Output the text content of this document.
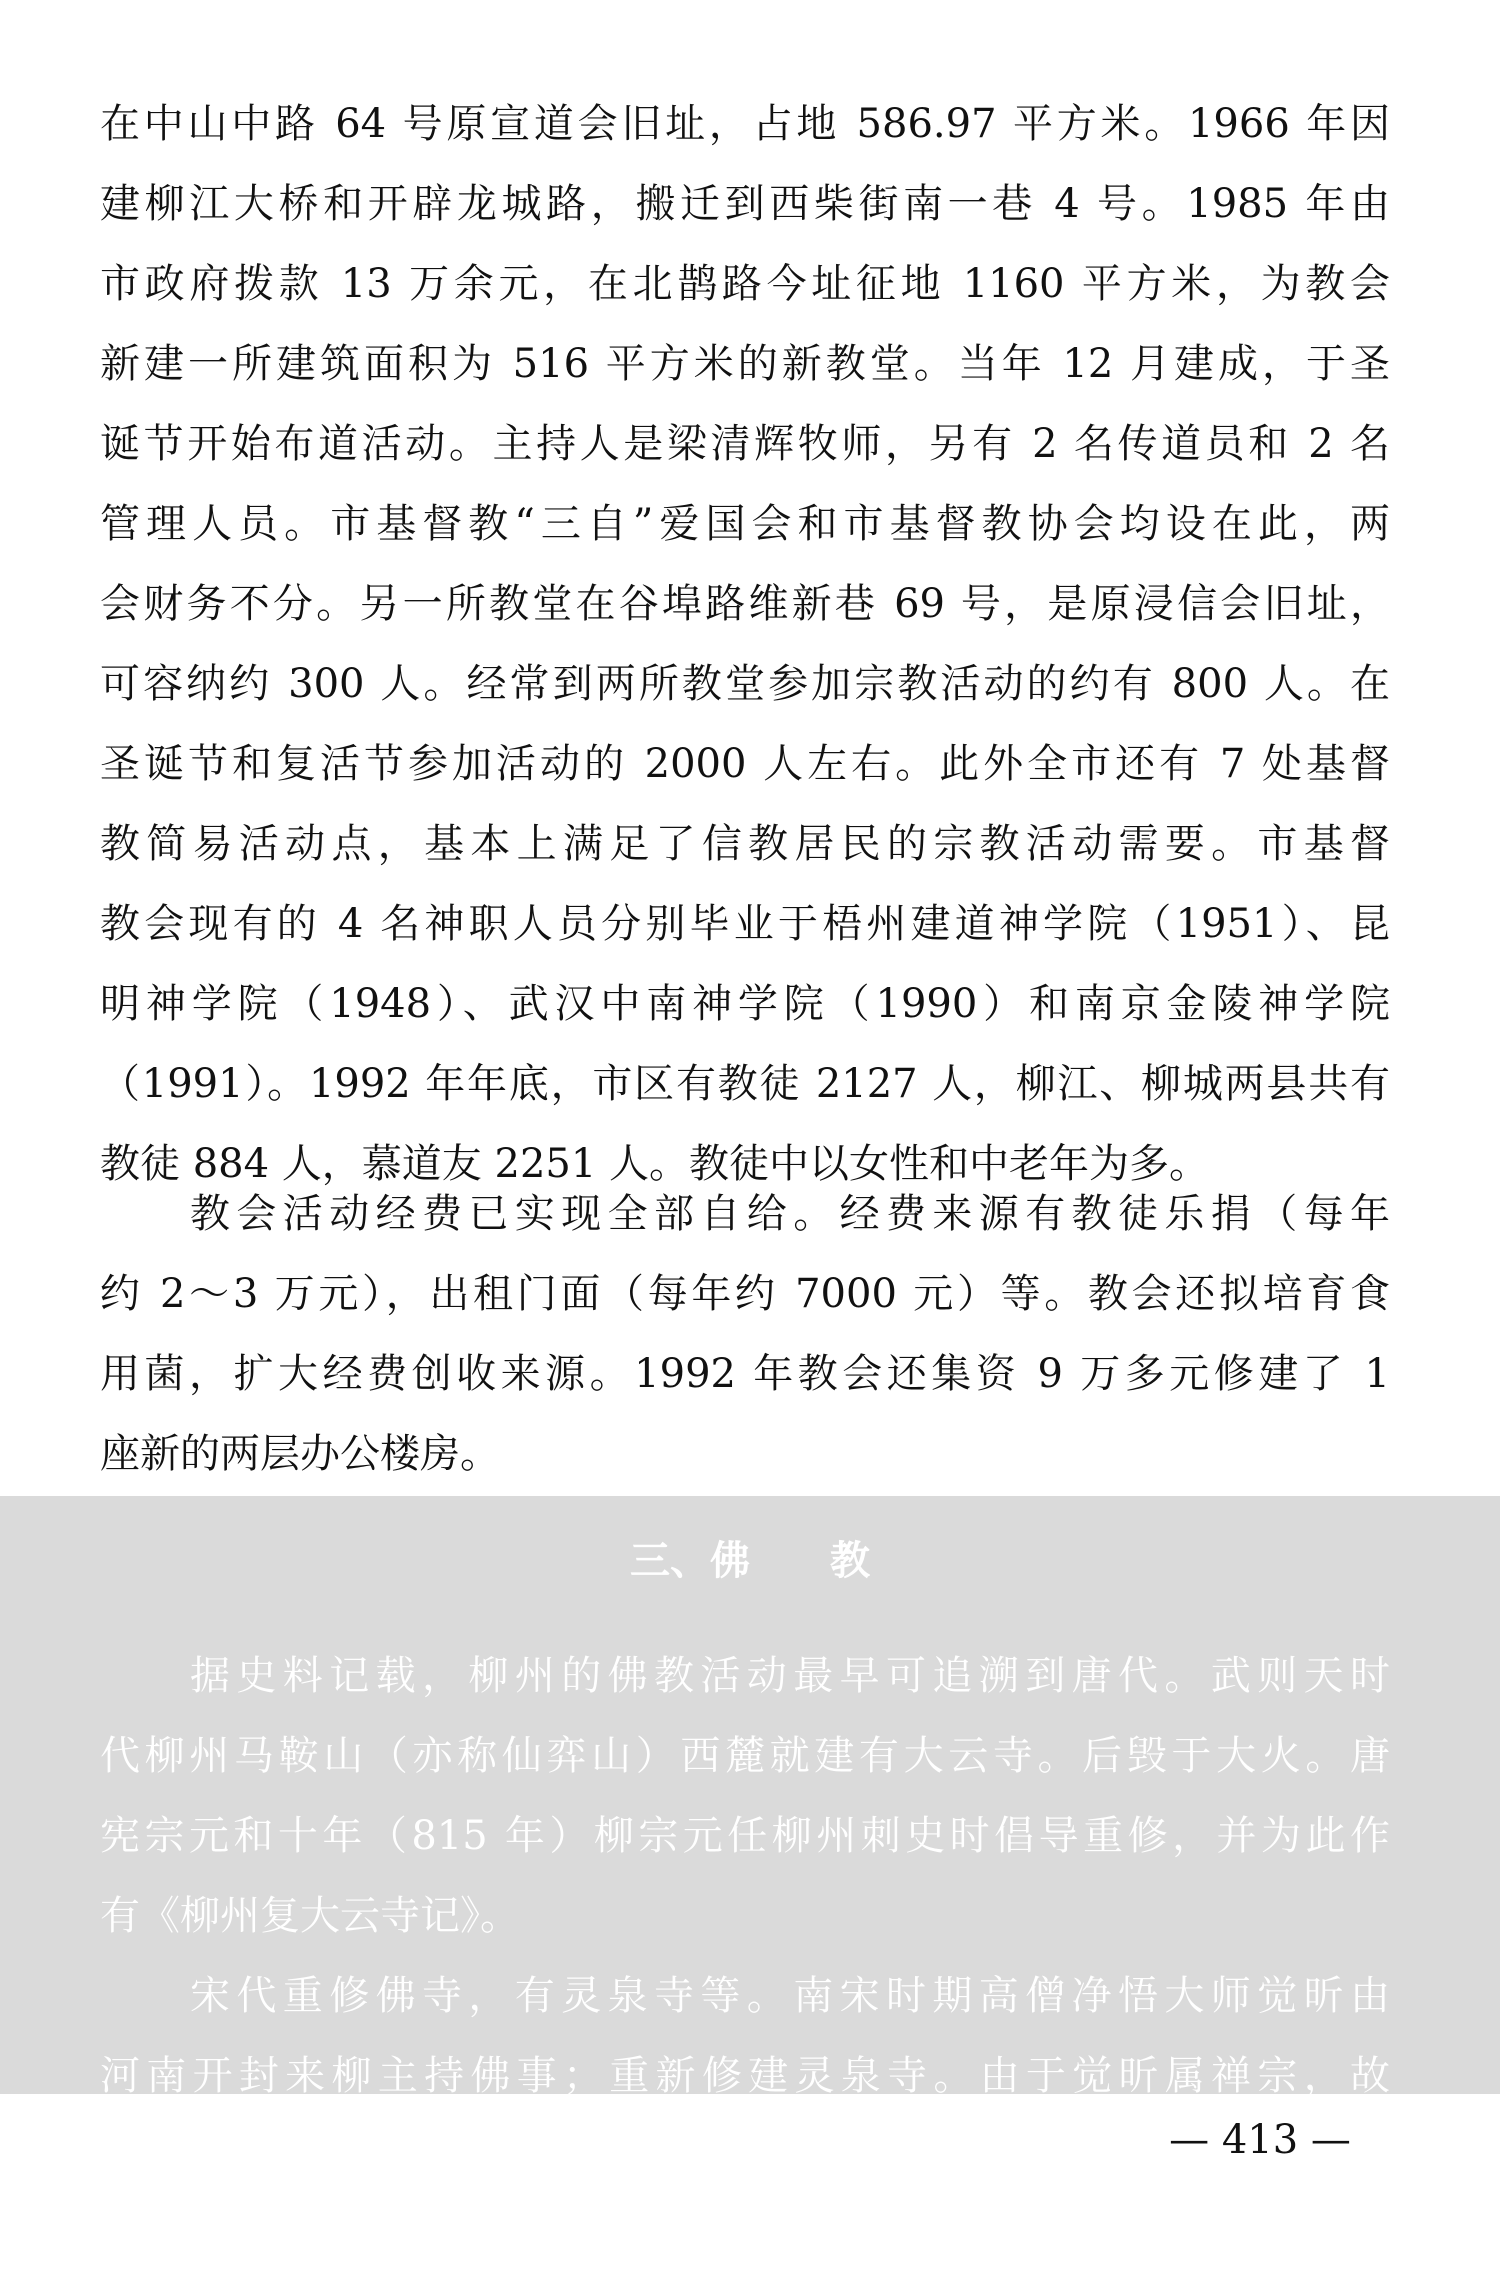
在中山中路 64 号原宣道会旧址，占地 586.97 平方米。1966 年因
建柳江大桥和开辟龙城路，搬迁到西柴街南一巷 4 号。1985 年由
市政府拨款 13 万余元，在北鹊路今址征地 1160 平方米，为教会
新建一所建筑面积为 516 平方米的新教堂。当年 12 月建成，于圣
诞节开始布道活动。主持人是梁清辉牧师，另有 2 名传道员和 2 名
管理人员。市基督教“三自”爱国会和市基督教协会均设在此，两
会财务不分。另一所教堂在谷埠路维新巷 69 号，是原浸信会旧址，
可容纳约 300 人。经常到两所教堂参加宗教活动的约有 800 人。在
圣诞节和复活节参加活动的 2000 人左右。此外全市还有 7 处基督
教简易活动点，基本上满足了信教居民的宗教活动需要。市基督
教会现有的 4 名神职人员分别毕业于梧州建道神学院（1951）、昆
明神学院（1948）、武汉中南神学院（1990）和南京金陵神学院
（1991）。1992 年年底，市区有教徒 2127 人，柳江、柳城两县共有
教徒 884 人，慕道友 2251 人。教徒中以女性和中老年为多。
教会活动经费已实现全部自给。经费来源有教徒乐捐（每年
约 2～3 万元），出租门面（每年约 7000 元）等。教会还拟培育食
用菌，扩大经费创收来源。1992 年教会还集资 9 万多元修建了 1
座新的两层办公楼房。
三、佛　　教
据史料记载，柳州的佛教活动最早可追溯到唐代。武则天时
代柳州马鞍山（亦称仙弈山）西麓就建有大云寺。后毁于大火。唐
宪宗元和十年（815 年）柳宗元任柳州刺史时倡导重修，并为此作
有《柳州复大云寺记》。
宋代重修佛寺，有灵泉寺等。南宋时期高僧净悟大师觉昕由
河南开封来柳主持佛事；重新修建灵泉寺。由于觉昕属禅宗，故
— 413 —
